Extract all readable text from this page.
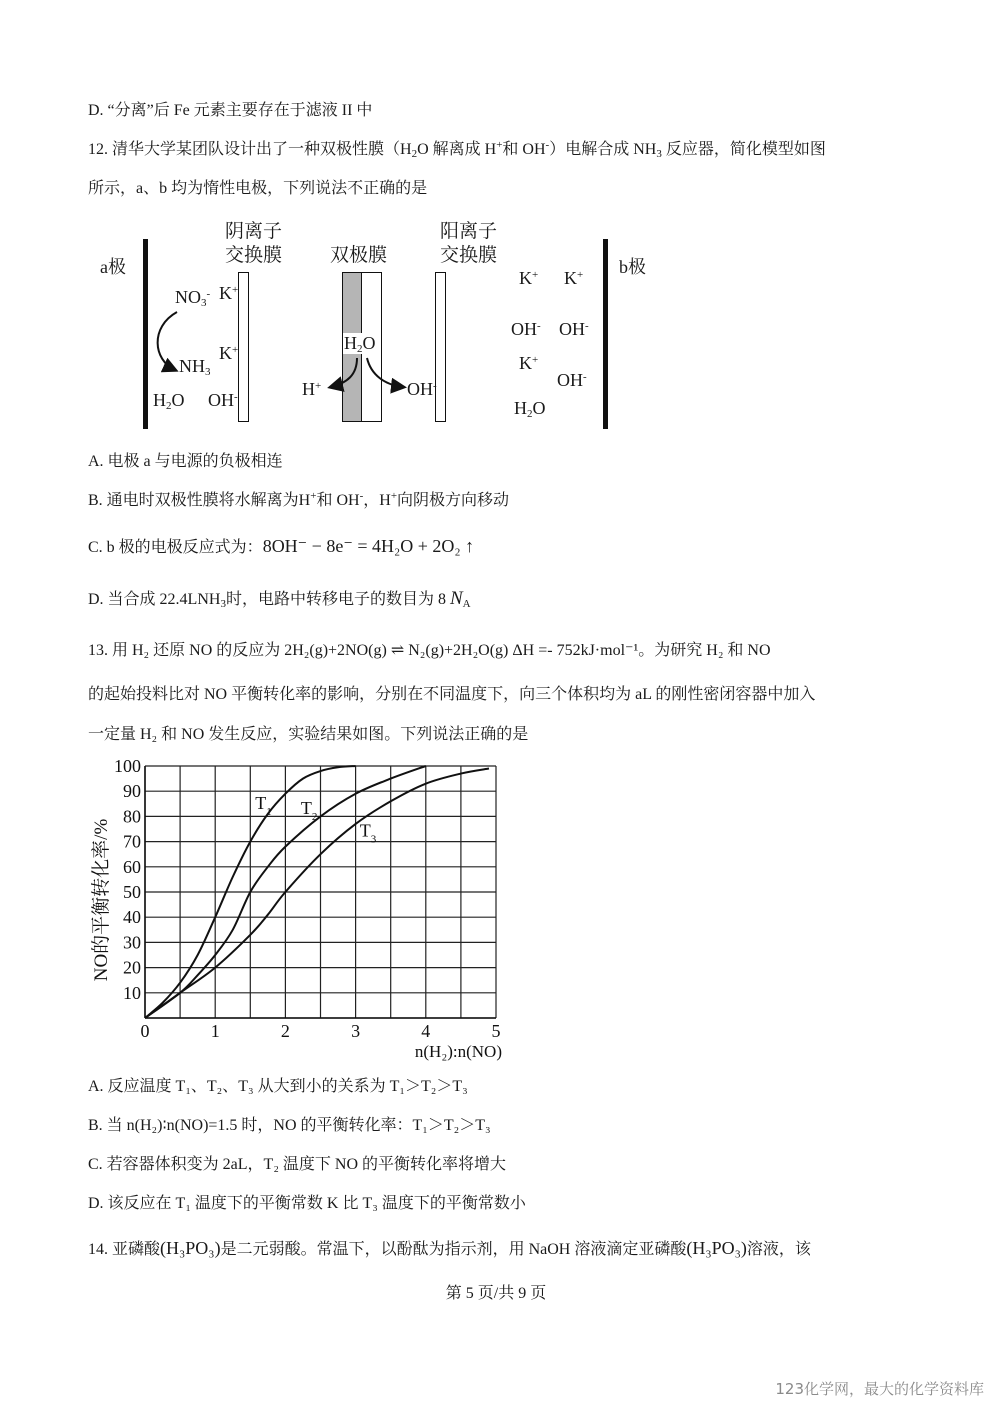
D. “分离”后 Fe 元素主要存在于滤液 II 中
12. 清华大学某团队设计出了一种双极性膜（$H_2O$ 解离成 H+和 OH-）电解合成 $NH_3$ 反应器，简化模型如图
所示，a、b 均为惰性电极，下列说法不正确的是
a极
阴离子
交换膜	双极膜
阳离子
交换膜
b极
$NO_3^-$ K+
K+
$NH_3$
$H_2O$ OH-
$H_2O$
H+	OH-
K+ K+
OH- OH-
K+
OH-
$H_2O$
A. 电极 a 与电源的负极相连
B. 通电时双极性膜将水解离为H+和 OH-，H+向阴极方向移动
C. b 极的电极反应式为：8OH⁻ − 8e⁻ = 4H₂O + 2O₂ ↑
D. 当合成 $22.4LNH_3$时，电路中转移电子的数目为 8 $N_A$
13. 用 H₂ 还原 NO 的反应为 2H₂(g)+2NO(g) ⇌ N₂(g)+2H₂O(g) ΔH =- 752kJ·mol⁻¹。为研究 H₂ 和 NO
的起始投料比对 NO 平衡转化率的影响，分别在不同温度下，向三个体积均为 aL 的刚性密闭容器中加入
一定量 H₂ 和 NO 发生反应，实验结果如图。下列说法正确的是
10
20
30
40
50
60
70
80
90
100
0	1	2	3	4	5
n(H₂):n(NO)
NO的平衡转化率/%
T 1 T 2
T 3
A. 反应温度 T₁、T₂、T₃ 从大到小的关系为 T₁＞T₂＞T₃
B. 当 n(H₂)∶n(NO)=1.5 时，NO 的平衡转化率：T₁＞T₂＞T₃
C. 若容器体积变为 2aL，T₂ 温度下 NO 的平衡转化率将增大
D. 该反应在 T₁ 温度下的平衡常数 K 比 T₃ 温度下的平衡常数小
14. 亚磷酸(H₃PO₃)是二元弱酸。常温下，以酚酞为指示剂，用 NaOH 溶液滴定亚磷酸(H₃PO₃)溶液，该
第 5 页/共 9 页
123化学网，最大的化学资料库
